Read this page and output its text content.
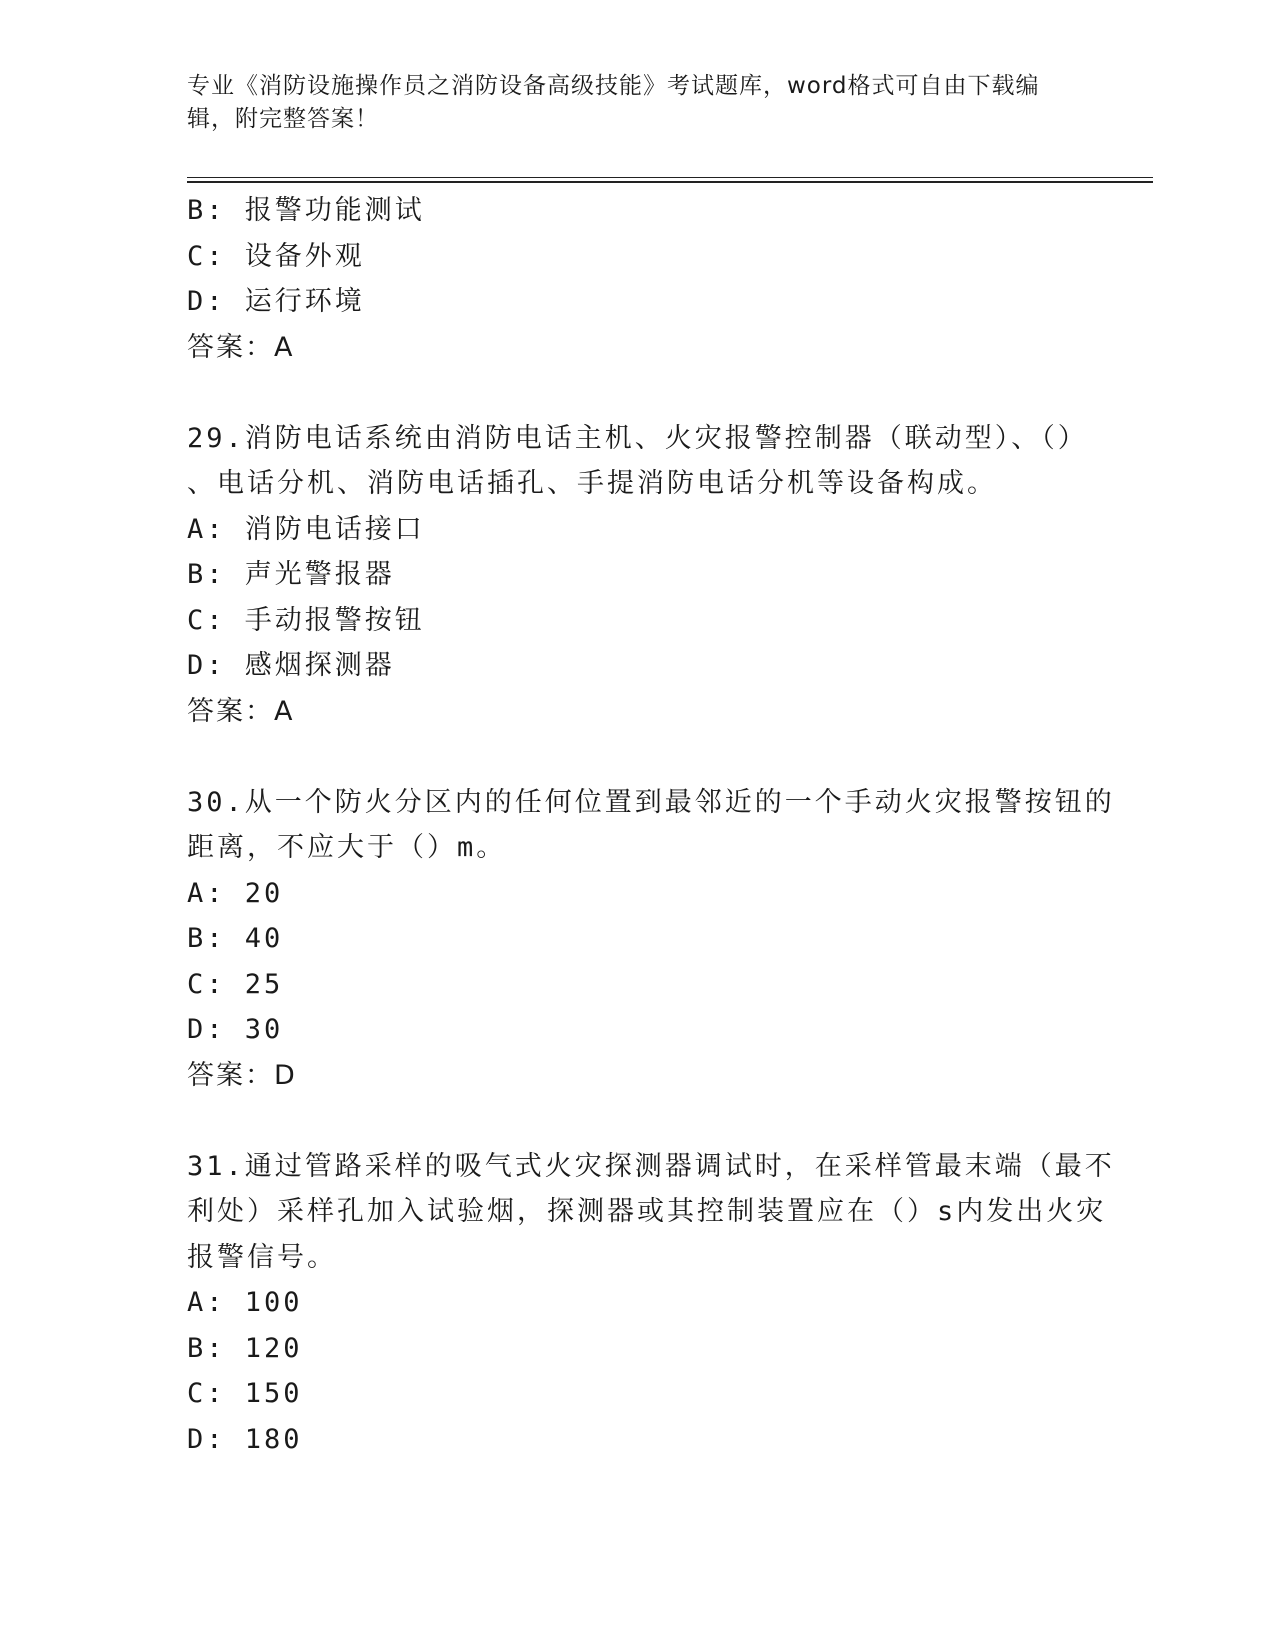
专业《消防设施操作员之消防设备高级技能》考试题库，word格式可自由下载编辑，附完整答案！
B: 报警功能测试
C: 设备外观
D: 运行环境
答案：A
29.消防电话系统由消防电话主机、火灾报警控制器（联动型）、（）
、电话分机、消防电话插孔、手提消防电话分机等设备构成。
A: 消防电话接口
B: 声光警报器
C: 手动报警按钮
D: 感烟探测器
答案：A
30.从一个防火分区内的任何位置到最邻近的一个手动火灾报警按钮的
距离，不应大于（）m。
A: 20
B: 40
C: 25
D: 30
答案：D
31.通过管路采样的吸气式火灾探测器调试时，在采样管最末端（最不
利处）采样孔加入试验烟，探测器或其控制装置应在（）s内发出火灾
报警信号。
A: 100
B: 120
C: 150
D: 180
